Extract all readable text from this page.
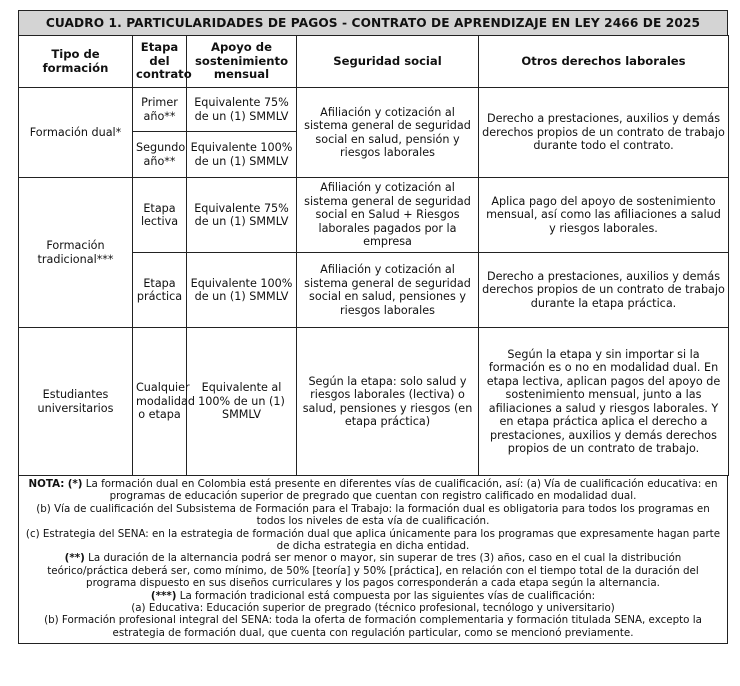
CUADRO 1. PARTICULARIDADES DE PAGOS - CONTRATO DE APRENDIZAJE EN LEY 2466 DE 2025
Tipo de formación	Etapa del contrato	Apoyo de sostenimiento mensual	Seguridad social	Otros derechos laborales
Formación dual*	Primer año**	Equivalente 75% de un (1) SMMLV	Afiliación y cotización al sistema general de seguridad social en salud, pensión y riesgos laborales	Derecho a prestaciones, auxilios y demás derechos propios de un contrato de trabajo durante todo el contrato.
	Segundo año**	Equivalente 100% de un (1) SMMLV		
Formación tradicional***	Etapa lectiva	Equivalente 75% de un (1) SMMLV	Afiliación y cotización al sistema general de seguridad social en Salud + Riesgos laborales pagados por la empresa	Aplica pago del apoyo de sostenimiento mensual, así como las afiliaciones a salud y riesgos laborales.
	Etapa práctica	Equivalente 100% de un (1) SMMLV	Afiliación y cotización al sistema general de seguridad social en salud, pensiones y riesgos laborales	Derecho a prestaciones, auxilios y demás derechos propios de un contrato de trabajo durante la etapa práctica.
Estudiantes universitarios	Cualquier modalidad o etapa	Equivalente al 100% de un (1) SMMLV	Según la etapa: solo salud y riesgos laborales (lectiva) o salud, pensiones y riesgos (en etapa práctica)	Según la etapa y sin importar si la formación es o no en modalidad dual. En etapa lectiva, aplican pagos del apoyo de sostenimiento mensual, junto a las afiliaciones a salud y riesgos laborales. Y en etapa práctica aplica el derecho a prestaciones, auxilios y demás derechos propios de un contrato de trabajo.

NOTA: (*) La formación dual en Colombia está presente en diferentes vías de cualificación, así: (a) Vía de cualificación educativa: en programas de educación superior de pregrado que cuentan con registro calificado en modalidad dual.

(b) Vía de cualificación del Subsistema de Formación para el Trabajo: la formación dual es obligatoria para todos los programas en todos los niveles de esta vía de cualificación.

(c) Estrategia del SENA: en la estrategia de formación dual que aplica únicamente para los programas que expresamente hagan parte de dicha estrategia en dicha entidad.

(**) La duración de la alternancia podrá ser menor o mayor, sin superar de tres (3) años, caso en el cual la distribución teórico/práctica deberá ser, como mínimo, de 50% [teoría] y 50% [práctica], en relación con el tiempo total de la duración del programa dispuesto en sus diseños curriculares y los pagos corresponderán a cada etapa según la alternancia.

(***) La formación tradicional está compuesta por las siguientes vías de cualificación:

(a) Educativa: Educación superior de pregrado (técnico profesional, tecnólogo y universitario)

(b) Formación profesional integral del SENA: toda la oferta de formación complementaria y formación titulada SENA, excepto la estrategia de formación dual, que cuenta con regulación particular, como se mencionó previamente.
